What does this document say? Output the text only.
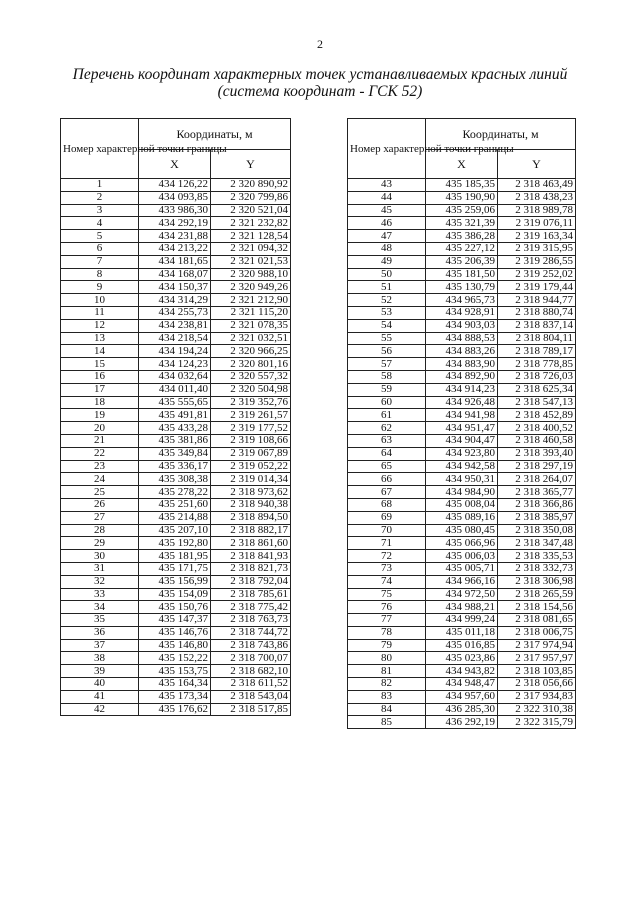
2
Перечень координат характерных точек устанавливаемых красных линий
(система координат - ГСК 52)
Номер характерной точки границы	Координаты, м	
	X	Y
1	434 126,22	2 320 890,92
2	434 093,85	2 320 799,86
3	433 986,30	2 320 521,04
4	434 292,19	2 321 232,82
5	434 231,88	2 321 128,54
6	434 213,22	2 321 094,32
7	434 181,65	2 321 021,53
8	434 168,07	2 320 988,10
9	434 150,37	2 320 949,26
10	434 314,29	2 321 212,90
11	434 255,73	2 321 115,20
12	434 238,81	2 321 078,35
13	434 218,54	2 321 032,51
14	434 194,24	2 320 966,25
15	434 124,23	2 320 801,16
16	434 032,64	2 320 557,32
17	434 011,40	2 320 504,98
18	435 555,65	2 319 352,76
19	435 491,81	2 319 261,57
20	435 433,28	2 319 177,52
21	435 381,86	2 319 108,66
22	435 349,84	2 319 067,89
23	435 336,17	2 319 052,22
24	435 308,38	2 319 014,34
25	435 278,22	2 318 973,62
26	435 251,60	2 318 940,38
27	435 214,88	2 318 894,50
28	435 207,10	2 318 882,17
29	435 192,80	2 318 861,60
30	435 181,95	2 318 841,93
31	435 171,75	2 318 821,73
32	435 156,99	2 318 792,04
33	435 154,09	2 318 785,61
34	435 150,76	2 318 775,42
35	435 147,37	2 318 763,73
36	435 146,76	2 318 744,72
37	435 146,80	2 318 743,86
38	435 152,22	2 318 700,07
39	435 153,75	2 318 682,10
40	435 164,34	2 318 611,52
41	435 173,34	2 318 543,04
42	435 176,62	2 318 517,85
Номер характерной точки границы	Координаты, м	
	X	Y
43	435 185,35	2 318 463,49
44	435 190,90	2 318 438,23
45	435 259,06	2 318 989,78
46	435 321,39	2 319 076,11
47	435 386,28	2 319 163,34
48	435 227,12	2 319 315,95
49	435 206,39	2 319 286,55
50	435 181,50	2 319 252,02
51	435 130,79	2 319 179,44
52	434 965,73	2 318 944,77
53	434 928,91	2 318 880,74
54	434 903,03	2 318 837,14
55	434 888,53	2 318 804,11
56	434 883,26	2 318 789,17
57	434 883,90	2 318 778,85
58	434 892,90	2 318 726,03
59	434 914,23	2 318 625,34
60	434 926,48	2 318 547,13
61	434 941,98	2 318 452,89
62	434 951,47	2 318 400,52
63	434 904,47	2 318 460,58
64	434 923,80	2 318 393,40
65	434 942,58	2 318 297,19
66	434 950,31	2 318 264,07
67	434 984,90	2 318 365,77
68	435 008,04	2 318 366,86
69	435 089,16	2 318 385,97
70	435 080,45	2 318 350,08
71	435 066,96	2 318 347,48
72	435 006,03	2 318 335,53
73	435 005,71	2 318 332,73
74	434 966,16	2 318 306,98
75	434 972,50	2 318 265,59
76	434 988,21	2 318 154,56
77	434 999,24	2 318 081,65
78	435 011,18	2 318 006,75
79	435 016,85	2 317 974,94
80	435 023,86	2 317 957,97
81	434 943,82	2 318 103,85
82	434 948,47	2 318 056,66
83	434 957,60	2 317 934,83
84	436 285,30	2 322 310,38
85	436 292,19	2 322 315,79
